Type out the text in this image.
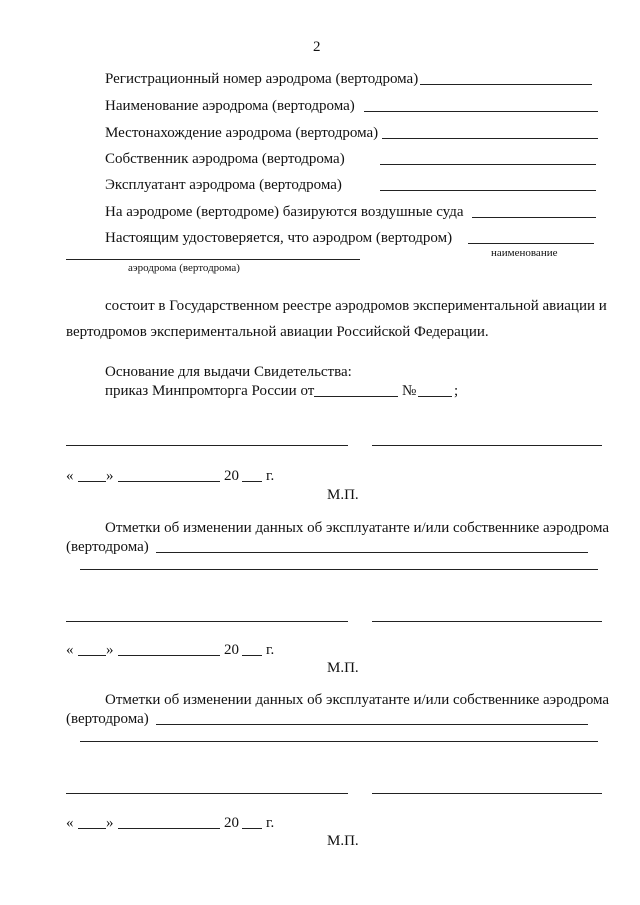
2
Регистрационный номер аэродрома (вертодрома)
Наименование аэродрома (вертодрома)
Местонахождение аэродрома (вертодрома)
Собственник аэродрома (вертодрома)
Эксплуатант аэродрома (вертодрома)
На аэродроме (вертодроме) базируются воздушные суда
Настоящим удостоверяется, что аэродром (вертодром)
наименование
аэродрома (вертодрома)
состоит в Государственном реестре аэродромов экспериментальной авиации и
вертодромов экспериментальной авиации Российской Федерации.
Основание для выдачи Свидетельства:
приказ Минпромторга России от	№	;
« »	20 г.
М.П.
Отметки об изменении данных об эксплуатанте и/или собственнике аэродрома
(вертодрома)
« »	20 г.
М.П.
Отметки об изменении данных об эксплуатанте и/или собственнике аэродрома
(вертодрома)
« »	20 г.
М.П.
